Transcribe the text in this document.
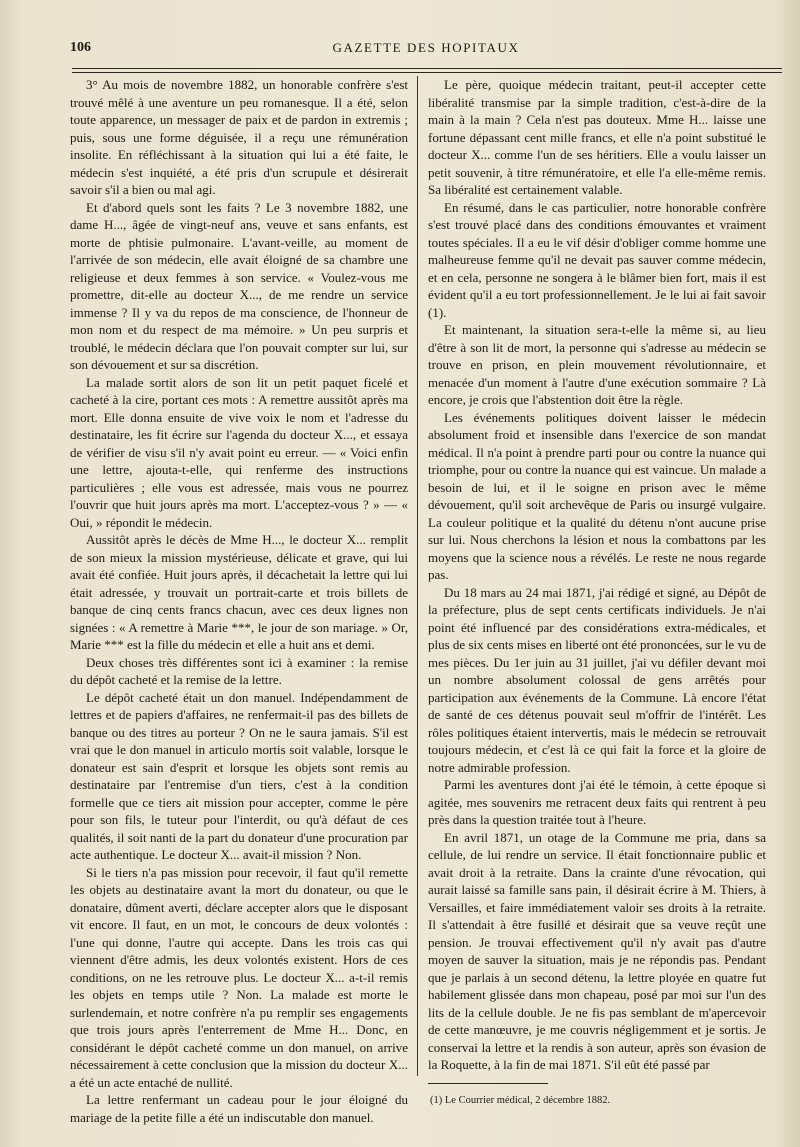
106	GAZETTE DES HOPITAUX

3° Au mois de novembre 1882, un honorable confrère s'est trouvé mêlé à une aventure un peu romanesque. Il a été, selon toute apparence, un messager de paix et de pardon in extremis ; puis, sous une forme déguisée, il a reçu une rémunération insolite. En réfléchissant à la situation qui lui a été faite, le médecin s'est inquiété, a été pris d'un scrupule et désirerait savoir s'il a bien ou mal agi.

Et d'abord quels sont les faits ? Le 3 novembre 1882, une dame H..., âgée de vingt-neuf ans, veuve et sans enfants, est morte de phtisie pulmonaire. L'avant-veille, au moment de l'arrivée de son médecin, elle avait éloigné de sa chambre une religieuse et deux femmes à son service. « Voulez-vous me promettre, dit-elle au docteur X..., de me rendre un service immense ? Il y va du repos de ma conscience, de l'honneur de mon nom et du respect de ma mémoire. » Un peu surpris et troublé, le médecin déclara que l'on pouvait compter sur lui, sur son dévouement et sur sa discrétion.

La malade sortit alors de son lit un petit paquet ficelé et cacheté à la cire, portant ces mots : A remettre aussitôt après ma mort. Elle donna ensuite de vive voix le nom et l'adresse du destinataire, les fit écrire sur l'agenda du docteur X..., et essaya de vérifier de visu s'il n'y avait point eu erreur. — « Voici enfin une lettre, ajouta-t-elle, qui renferme des instructions particulières ; elle vous est adressée, mais vous ne pourrez l'ouvrir que huit jours après ma mort. L'acceptez-vous ? » — « Oui, » répondit le médecin.

Aussitôt après le décès de Mme H..., le docteur X... remplit de son mieux la mission mystérieuse, délicate et grave, qui lui avait été confiée. Huit jours après, il décachetait la lettre qui lui était adressée, y trouvait un portrait-carte et trois billets de banque de cinq cents francs chacun, avec ces deux lignes non signées : « A remettre à Marie ***, le jour de son mariage. » Or, Marie *** est la fille du médecin et elle a huit ans et demi.

Deux choses très différentes sont ici à examiner : la remise du dépôt cacheté et la remise de la lettre.

Le dépôt cacheté était un don manuel. Indépendamment de lettres et de papiers d'affaires, ne renfermait-il pas des billets de banque ou des titres au porteur ? On ne le saura jamais. S'il est vrai que le don manuel in articulo mortis soit valable, lorsque le donateur est sain d'esprit et lorsque les objets sont remis au destinataire par l'entremise d'un tiers, c'est à la condition formelle que ce tiers ait mission pour accepter, comme le père pour son fils, le tuteur pour l'interdit, ou qu'à défaut de ces qualités, il soit nanti de la part du donateur d'une procuration par acte authentique. Le docteur X... avait-il mission ? Non.

Si le tiers n'a pas mission pour recevoir, il faut qu'il remette les objets au destinataire avant la mort du donateur, ou que le donataire, dûment averti, déclare accepter alors que le disposant vit encore. Il faut, en un mot, le concours de deux volontés : l'une qui donne, l'autre qui accepte. Dans les trois cas qui viennent d'être admis, les deux volontés existent. Hors de ces conditions, on ne les retrouve plus. Le docteur X... a-t-il remis les objets en temps utile ? Non. La malade est morte le surlendemain, et notre confrère n'a pu remplir ses engagements que trois jours après l'enterrement de Mme H... Donc, en considérant le dépôt cacheté comme un don manuel, on arrive nécessairement à cette conclusion que la mission du docteur X... a été un acte entaché de nullité.

La lettre renfermant un cadeau pour le jour éloigné du mariage de la petite fille a été un indiscutable don manuel.

Le père, quoique médecin traitant, peut-il accepter cette libéralité transmise par la simple tradition, c'est-à-dire de la main à la main ? Cela n'est pas douteux. Mme H... laisse une fortune dépassant cent mille francs, et elle n'a point substitué le docteur X... comme l'un de ses héritiers. Elle a voulu laisser un petit souvenir, à titre rémunératoire, et elle l'a elle-même remis. Sa libéralité est certainement valable.

En résumé, dans le cas particulier, notre honorable confrère s'est trouvé placé dans des conditions émouvantes et vraiment toutes spéciales. Il a eu le vif désir d'obliger comme homme une malheureuse femme qu'il ne devait pas sauver comme médecin, et en cela, personne ne songera à le blâmer bien fort, mais il est évident qu'il a eu tort professionnellement. Je le lui ai fait savoir (1).

Et maintenant, la situation sera-t-elle la même si, au lieu d'être à son lit de mort, la personne qui s'adresse au médecin se trouve en prison, en plein mouvement révolutionnaire, et menacée d'un moment à l'autre d'une exécution sommaire ? Là encore, je crois que l'abstention doit être la règle.

Les événements politiques doivent laisser le médecin absolument froid et insensible dans l'exercice de son mandat médical. Il n'a point à prendre parti pour ou contre la nuance qui triomphe, pour ou contre la nuance qui est vaincue. Un malade a besoin de lui, et il le soigne en prison avec le même dévouement, qu'il soit archevêque de Paris ou insurgé vulgaire. La couleur politique et la qualité du détenu n'ont aucune prise sur lui. Nous cherchons la lésion et nous la combattons par les moyens que la science nous a révélés. Le reste ne nous regarde pas.

Du 18 mars au 24 mai 1871, j'ai rédigé et signé, au Dépôt de la préfecture, plus de sept cents certificats individuels. Je n'ai point été influencé par des considérations extra-médicales, et plus de six cents mises en liberté ont été prononcées, sur le vu de mes pièces. Du 1er juin au 31 juillet, j'ai vu défiler devant moi un nombre absolument colossal de gens arrêtés pour participation aux événements de la Commune. Là encore l'état de santé de ces détenus pouvait seul m'offrir de l'intérêt. Les rôles politiques étaient intervertis, mais le médecin se retrouvait toujours médecin, et c'est là ce qui fait la force et la gloire de notre admirable profession.

Parmi les aventures dont j'ai été le témoin, à cette époque si agitée, mes souvenirs me retracent deux faits qui rentrent à peu près dans la question traitée tout à l'heure.

En avril 1871, un otage de la Commune me pria, dans sa cellule, de lui rendre un service. Il était fonctionnaire public et avait droit à la retraite. Dans la crainte d'une révocation, qui aurait laissé sa famille sans pain, il désirait écrire à M. Thiers, à Versailles, et faire immédiatement valoir ses droits à la retraite. Il s'attendait à être fusillé et désirait que sa veuve reçût une pension. Je trouvai effectivement qu'il n'y avait pas d'autre moyen de sauver la situation, mais je ne répondis pas. Pendant que je parlais à un second détenu, la lettre ployée en quatre fut habilement glissée dans mon chapeau, posé par moi sur l'un des lits de la cellule double. Je ne fis pas semblant de m'apercevoir de cette manœuvre, je me couvris négligemment et je sortis. Je conservai la lettre et la rendis à son auteur, après son évasion de la Roquette, à la fin de mai 1871. S'il eût été passé par

(1) Le Courrier médical, 2 décembre 1882.
